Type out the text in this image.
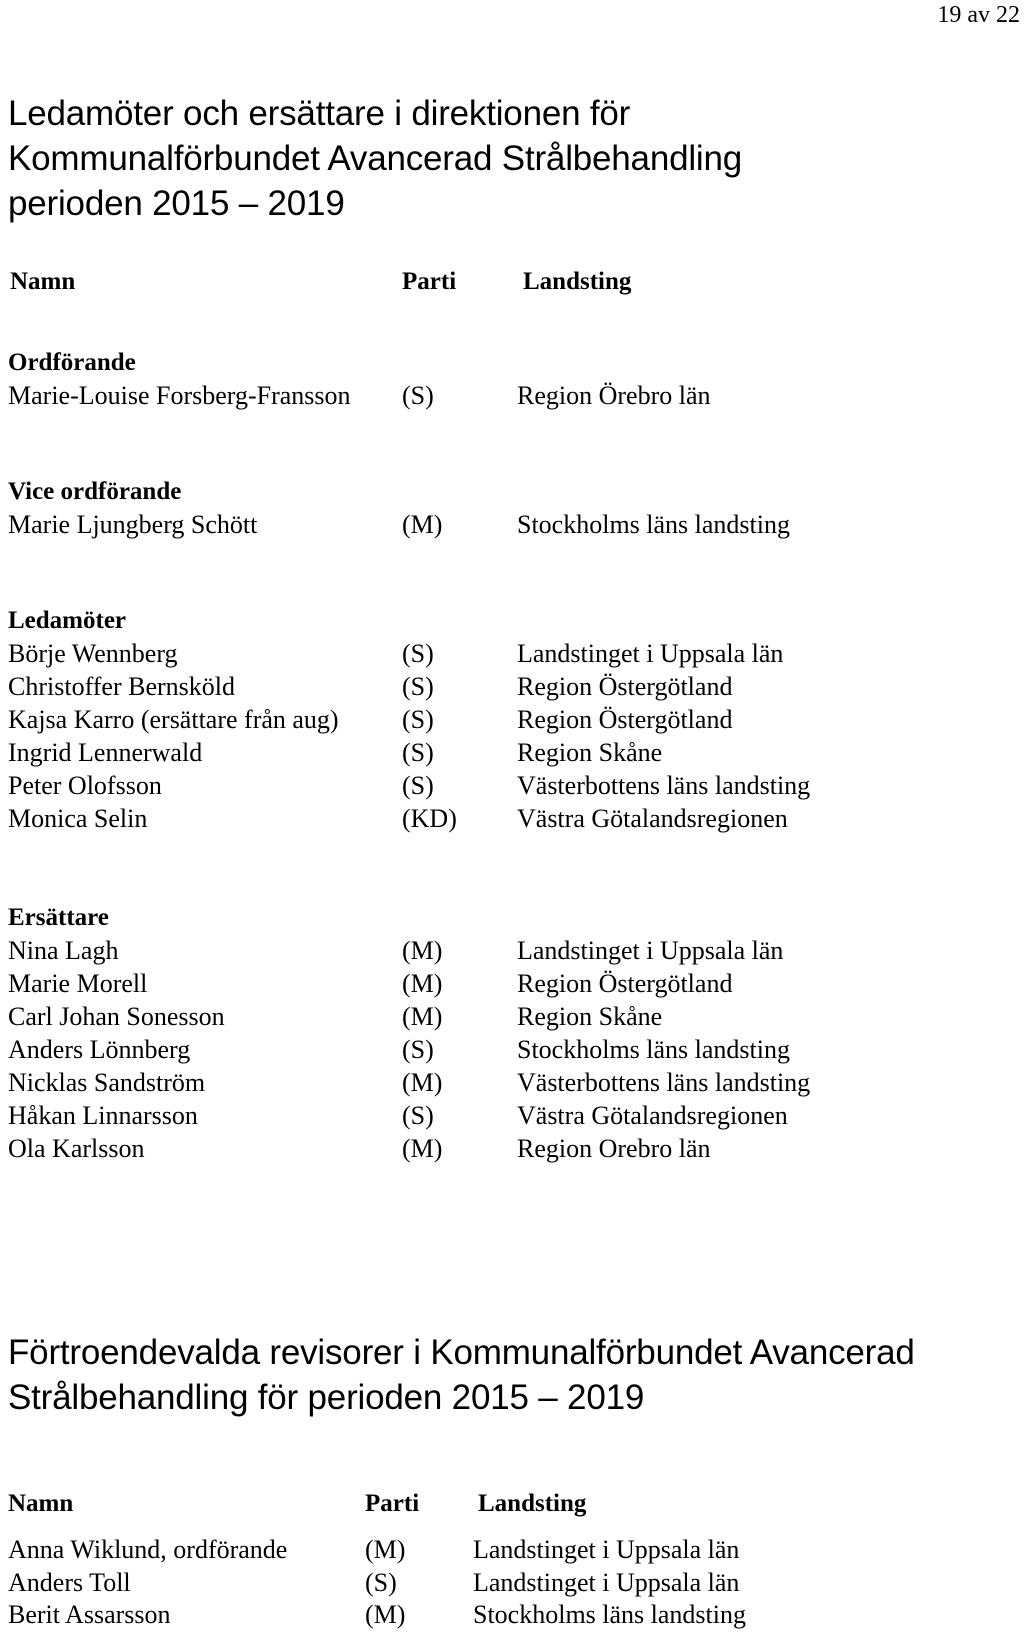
19 av 22
Ledamöter och ersättare i direktionen för
Kommunalförbundet Avancerad Strålbehandling
perioden 2015 – 2019
Namn	Parti	Landsting
Ordförande
Marie-Louise Forsberg-Fransson (S)	Region Örebro län
Vice ordförande
Marie Ljungberg Schött	(M)	Stockholms läns landsting
Ledamöter
Börje Wennberg	(S)	Landstinget i Uppsala län
Christoffer Bernsköld	(S)	Region Östergötland
Kajsa Karro (ersättare från aug) (S)	Region Östergötland
Ingrid Lennerwald	(S)	Region Skåne
Peter Olofsson	(S)	Västerbottens läns landsting
Monica Selin	(KD) Västra Götalandsregionen
Ersättare
Nina Lagh	(M)	Landstinget i Uppsala län
Marie Morell	(M)	Region Östergötland
Carl Johan Sonesson	(M)	Region Skåne
Anders Lönnberg	(S)	Stockholms läns landsting
Nicklas Sandström	(M)	Västerbottens läns landsting
Håkan Linnarsson	(S)	Västra Götalandsregionen
Ola Karlsson	(M)	Region Orebro län
Förtroendevalda revisorer i Kommunalförbundet Avancerad
Strålbehandling för perioden 2015 – 2019
Namn	Parti Landsting
Anna Wiklund, ordförande	(M)	Landstinget i Uppsala län
Anders Toll	(S)	Landstinget i Uppsala län
Berit Assarsson	(M)	Stockholms läns landsting
